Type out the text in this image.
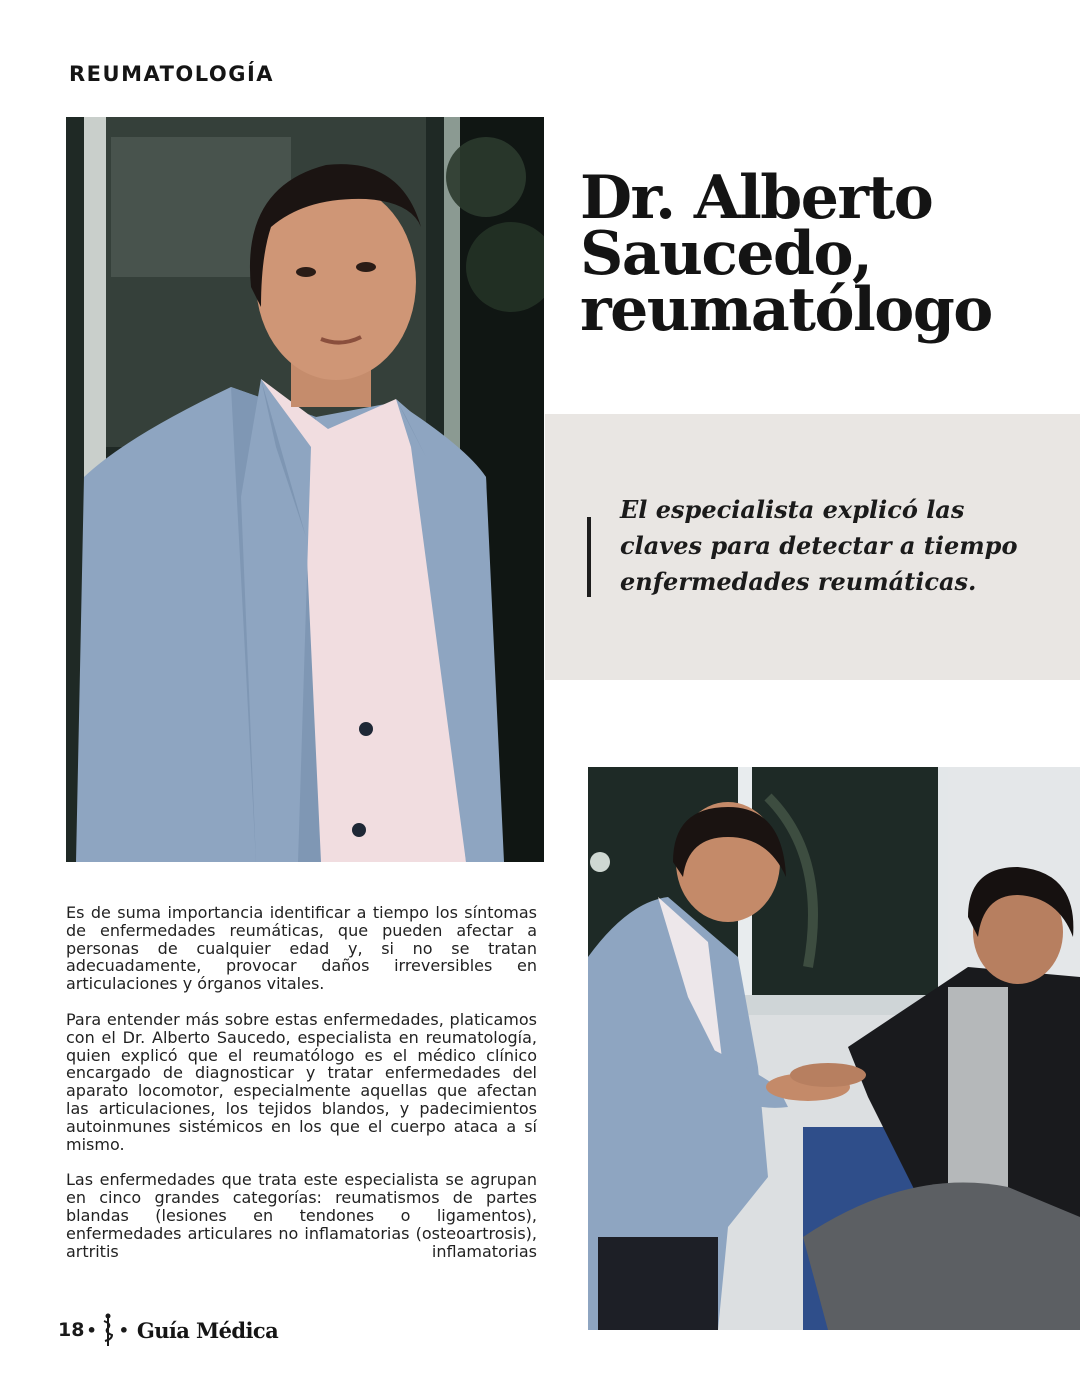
REUMATOLOGÍA
Dr. Alberto
Saucedo,
reumatólogo
El especialista explicó las
claves para detectar a tiempo
enfermedades reumáticas.

Es de suma importancia identificar a tiempo los síntomas de enfermedades reumáticas, que pueden afectar a personas de cualquier edad y, si no se tratan adecuadamente, provocar daños irreversibles en articulaciones y órganos vitales.

Para entender más sobre estas enfermedades, platicamos con el Dr. Alberto Saucedo, especialista en reumatología, quien explicó que el reumatólogo es el médico clínico encargado de diagnosticar y tratar enfermedades del aparato locomotor, especialmente aquellas que afectan las articulaciones, los tejidos blandos, y padecimientos autoinmunes sistémicos en los que el cuerpo ataca a sí mismo.

Las enfermedades que trata este especialista se agrupan en cinco grandes categorías: reumatismos de partes blandas (lesiones en tendones o ligamentos), enfermedades articulares no inflamatorias (osteoartrosis), artritis inflamatorias

18 • • Guía Médica
